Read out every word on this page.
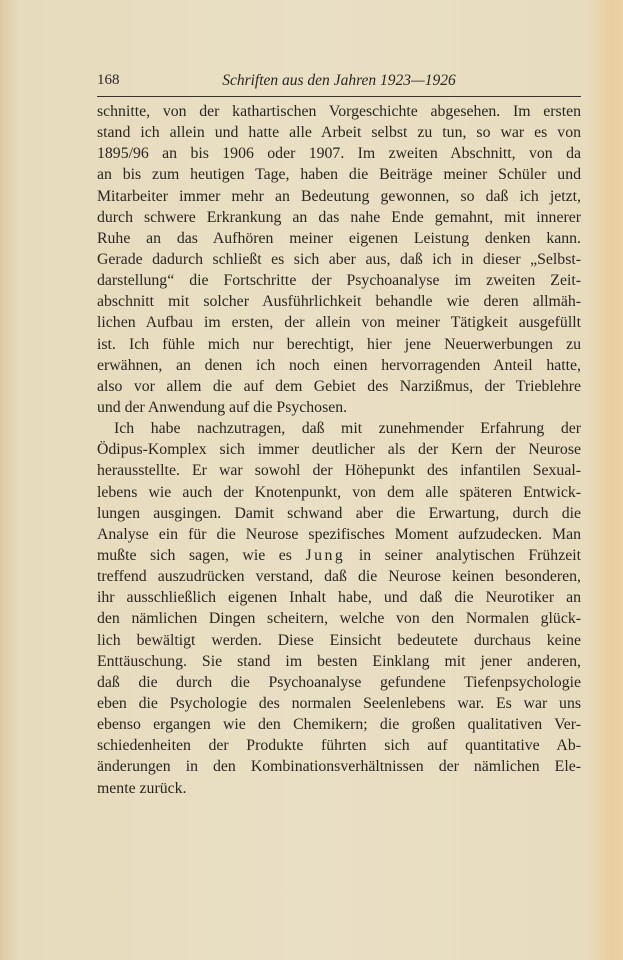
168	Schriften aus den Jahren 1923—1926
schnitte, von der kathartischen Vorgeschichte abgesehen. Im ersten
stand ich allein und hatte alle Arbeit selbst zu tun, so war es von
1895/96 an bis 1906 oder 1907. Im zweiten Abschnitt, von da
an bis zum heutigen Tage, haben die Beiträge meiner Schüler und
Mitarbeiter immer mehr an Bedeutung gewonnen, so daß ich jetzt,
durch schwere Erkrankung an das nahe Ende gemahnt, mit innerer
Ruhe an das Aufhören meiner eigenen Leistung denken kann.
Gerade dadurch schließt es sich aber aus, daß ich in dieser „Selbst-
darstellung“ die Fortschritte der Psychoanalyse im zweiten Zeit-
abschnitt mit solcher Ausführlichkeit behandle wie deren allmäh-
lichen Aufbau im ersten, der allein von meiner Tätigkeit ausgefüllt
ist. Ich fühle mich nur berechtigt, hier jene Neuerwerbungen zu
erwähnen, an denen ich noch einen hervorragenden Anteil hatte,
also vor allem die auf dem Gebiet des Narzißmus, der Trieblehre
und der Anwendung auf die Psychosen.
Ich habe nachzutragen, daß mit zunehmender Erfahrung der
Ödipus-Komplex sich immer deutlicher als der Kern der Neurose
herausstellte. Er war sowohl der Höhepunkt des infantilen Sexual-
lebens wie auch der Knotenpunkt, von dem alle späteren Entwick-
lungen ausgingen. Damit schwand aber die Erwartung, durch die
Analyse ein für die Neurose spezifisches Moment aufzudecken. Man
mußte sich sagen, wie es Jung in seiner analytischen Frühzeit
treffend auszudrücken verstand, daß die Neurose keinen besonderen,
ihr ausschließlich eigenen Inhalt habe, und daß die Neurotiker an
den nämlichen Dingen scheitern, welche von den Normalen glück-
lich bewältigt werden. Diese Einsicht bedeutete durchaus keine
Enttäuschung. Sie stand im besten Einklang mit jener anderen,
daß die durch die Psychoanalyse gefundene Tiefenpsychologie
eben die Psychologie des normalen Seelenlebens war. Es war uns
ebenso ergangen wie den Chemikern; die großen qualitativen Ver-
schiedenheiten der Produkte führten sich auf quantitative Ab-
änderungen in den Kombinationsverhältnissen der nämlichen Ele-
mente zurück.
